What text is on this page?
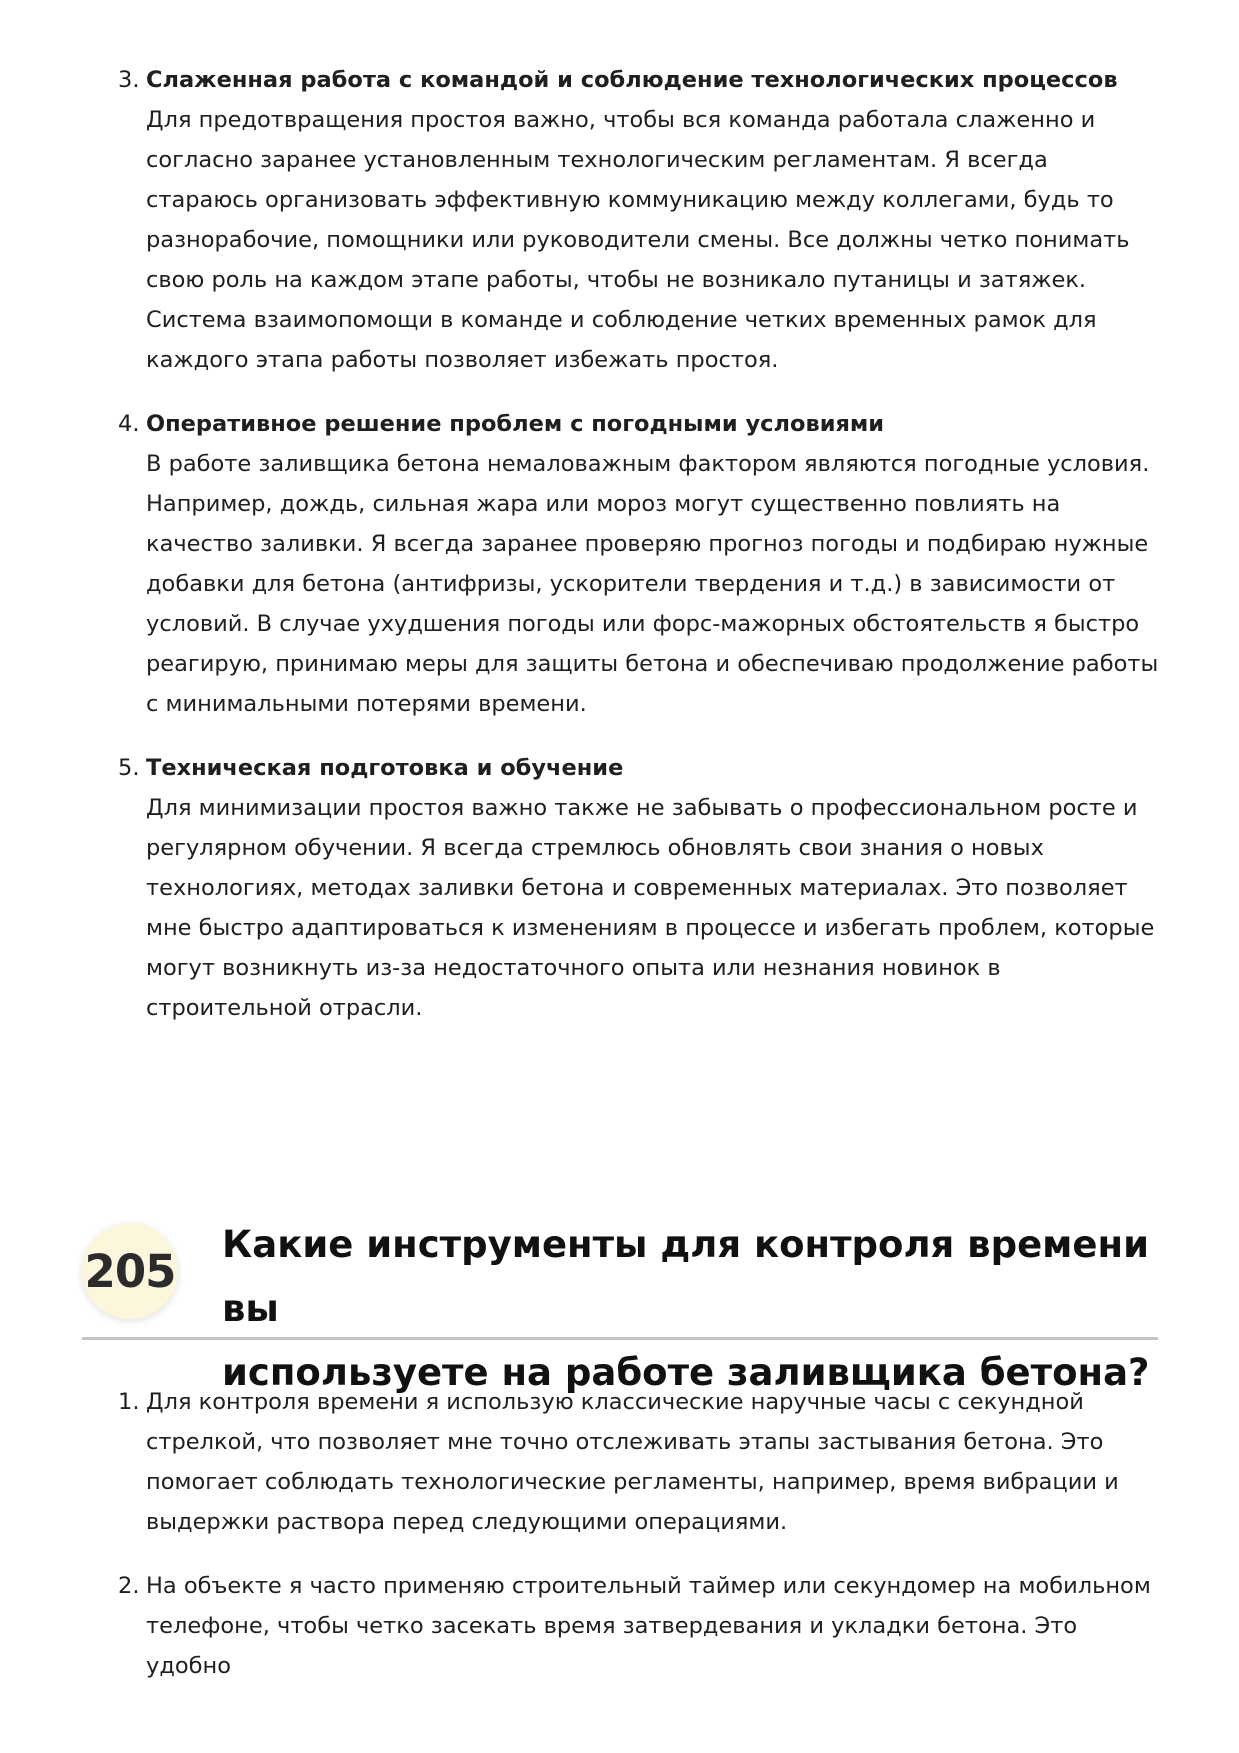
3. Слаженная работа с командой и соблюдение технологических процессов
Для предотвращения простоя важно, чтобы вся команда работала слаженно и согласно заранее установленным технологическим регламентам. Я всегда стараюсь организовать эффективную коммуникацию между коллегами, будь то разнорабочие, помощники или руководители смены. Все должны четко понимать свою роль на каждом этапе работы, чтобы не возникало путаницы и затяжек. Система взаимопомощи в команде и соблюдение четких временных рамок для каждого этапа работы позволяет избежать простоя.
4. Оперативное решение проблем с погодными условиями
В работе заливщика бетона немаловажным фактором являются погодные условия. Например, дождь, сильная жара или мороз могут существенно повлиять на качество заливки. Я всегда заранее проверяю прогноз погоды и подбираю нужные добавки для бетона (антифризы, ускорители твердения и т.д.) в зависимости от условий. В случае ухудшения погоды или форс-мажорных обстоятельств я быстро реагирую, принимаю меры для защиты бетона и обеспечиваю продолжение работы с минимальными потерями времени.
5. Техническая подготовка и обучение
Для минимизации простоя важно также не забывать о профессиональном росте и регулярном обучении. Я всегда стремлюсь обновлять свои знания о новых технологиях, методах заливки бетона и современных материалах. Это позволяет мне быстро адаптироваться к изменениям в процессе и избегать проблем, которые могут возникнуть из-за недостаточного опыта или незнания новинок в строительной отрасли.
205 Какие инструменты для контроля времени вы
используете на работе заливщика бетона?
1. Для контроля времени я использую классические наручные часы с секундной стрелкой, что позволяет мне точно отслеживать этапы застывания бетона. Это помогает соблюдать технологические регламенты, например, время вибрации и выдержки раствора перед следующими операциями.
2. На объекте я часто применяю строительный таймер или секундомер на мобильном телефоне, чтобы четко засекать время затвердевания и укладки бетона. Это удобно
